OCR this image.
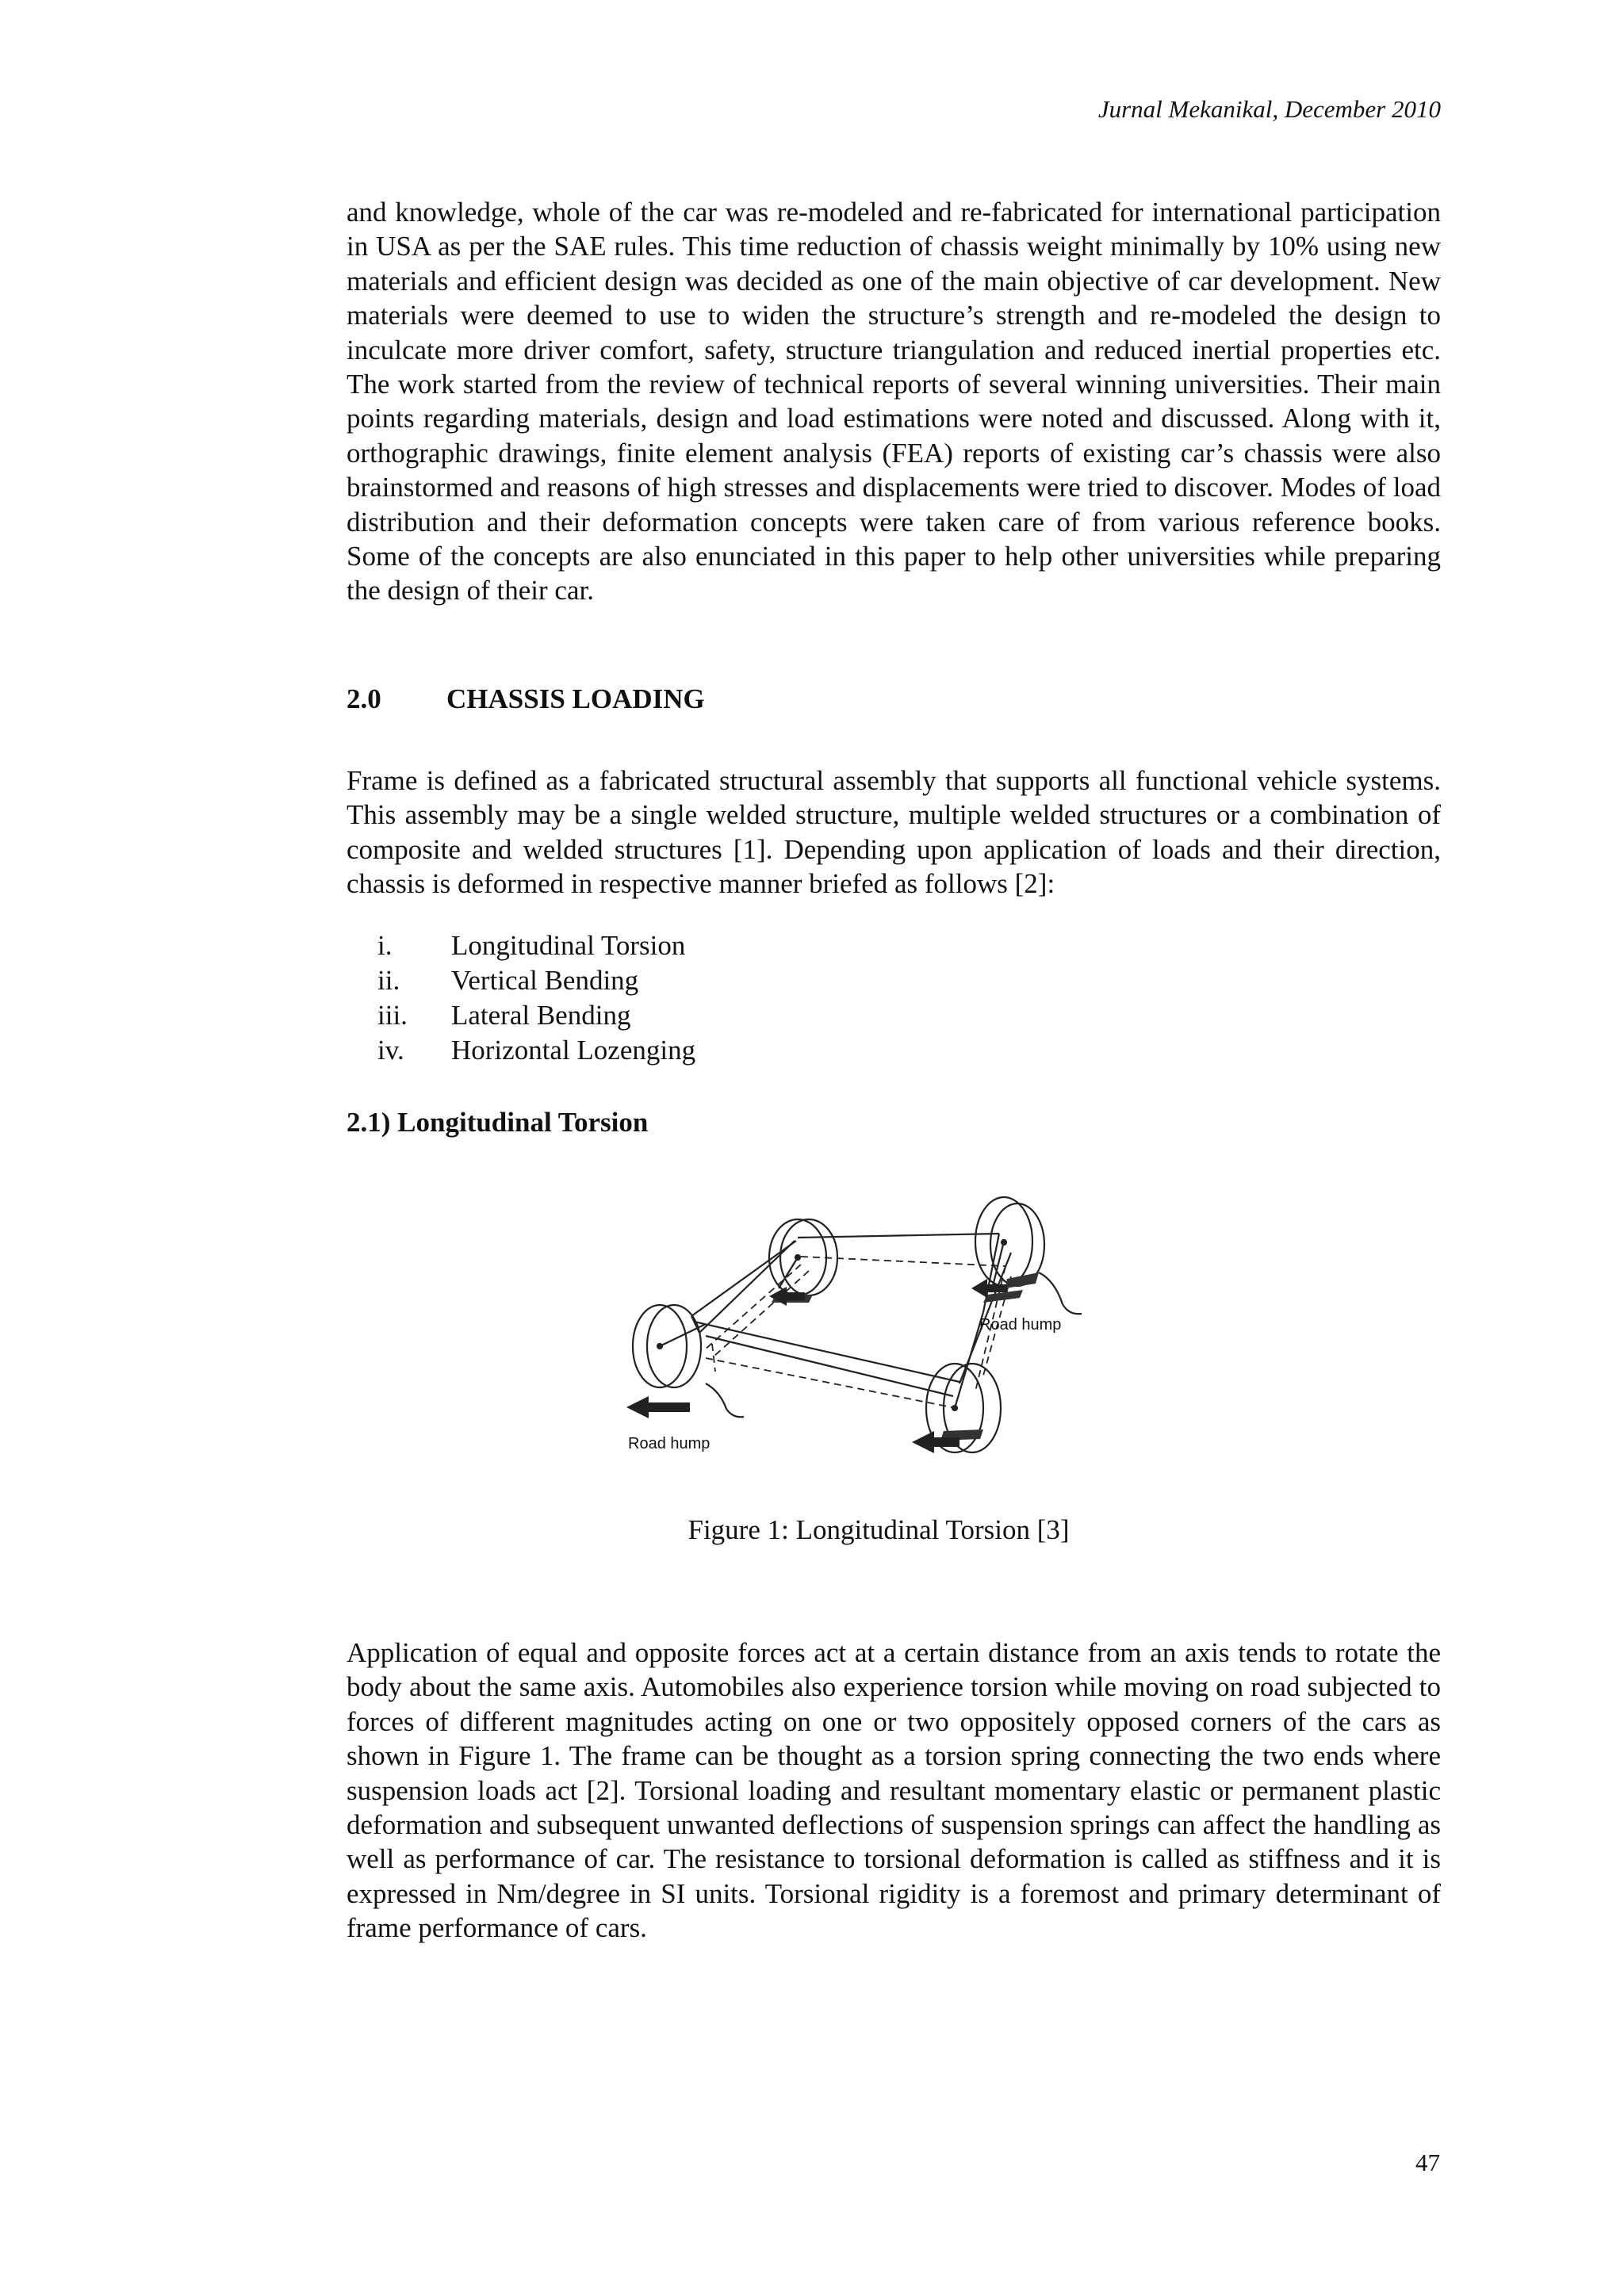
Jurnal Mekanikal, December 2010

and knowledge, whole of the car was re-modeled and re-fabricated for international participation in USA as per the SAE rules. This time reduction of chassis weight minimally by 10% using new materials and efficient design was decided as one of the main objective of car development. New materials were deemed to use to widen the structure’s strength and re-modeled the design to inculcate more driver comfort, safety, structure triangulation and reduced inertial properties etc. The work started from the review of technical reports of several winning universities. Their main points regarding materials, design and load estimations were noted and discussed. Along with it, orthographic drawings, finite element analysis (FEA) reports of existing car’s chassis were also brainstormed and reasons of high stresses and displacements were tried to discover. Modes of load distribution and their deformation concepts were taken care of from various reference books. Some of the concepts are also enunciated in this paper to help other universities while preparing the design of their car.

2.0 CHASSIS LOADING

Frame is defined as a fabricated structural assembly that supports all functional vehicle systems. This assembly may be a single welded structure, multiple welded structures or a combination of composite and welded structures [1]. Depending upon application of loads and their direction, chassis is deformed in respective manner briefed as follows [2]:

i.	Longitudinal Torsion
ii.	Vertical Bending
iii.	Lateral Bending
iv.	Horizontal Lozenging
2.1) Longitudinal Torsion
Road hump
Road hump
Figure 1: Longitudinal Torsion [3]

Application of equal and opposite forces act at a certain distance from an axis tends to rotate the body about the same axis. Automobiles also experience torsion while moving on road subjected to forces of different magnitudes acting on one or two oppositely opposed corners of the cars as shown in Figure 1. The frame can be thought as a torsion spring connecting the two ends where suspension loads act [2]. Torsional loading and resultant momentary elastic or permanent plastic deformation and subsequent unwanted deflections of suspension springs can affect the handling as well as performance of car. The resistance to torsional deformation is called as stiffness and it is expressed in Nm/degree in SI units. Torsional rigidity is a foremost and primary determinant of frame performance of cars.

47
